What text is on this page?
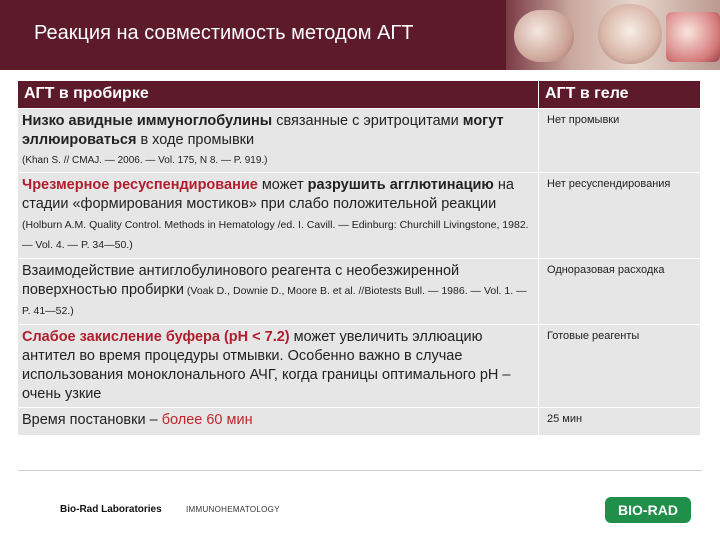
Реакция на совместимость методом АГТ
АГТ в пробирке	АГТ в геле
Низко авидные иммуноглобулины связанные с эритроцитами могут эллюироваться в ходе промывки
(Khan S. // CMAJ. — 2006. — Vol. 175, N 8. — P. 919.)	Нет промывки
Чрезмерное ресуспендирование может разрушить агглютинацию на стадии «формирования мостиков» при слабо положительной реакции (Holburn A.M. Quality Control. Methods in Hematology /ed. I. Cavill. — Edinburg: Churchill Livingstone, 1982. — Vol. 4. — P. 34—50.)	Нет ресуспендирования
Взаимодействие антиглобулинового реагента с необезжиренной поверхностью пробирки (Voak D., Downie D., Moore B. et al. //Biotests Bull. — 1986. — Vol. 1. — P. 41—52.)	Одноразовая расходка
Слабое закисление буфера (рН < 7.2) может увеличить эллюацию антител во время процедуры отмывки. Особенно важно в случае использования моноклонального АЧГ, когда границы оптимального рН – очень узкие	Готовые реагенты
Время постановки – более 60 мин	25 мин
Bio-Rad Laboratories	IMMUNOHEMATOLOGY	BIO-RAD
